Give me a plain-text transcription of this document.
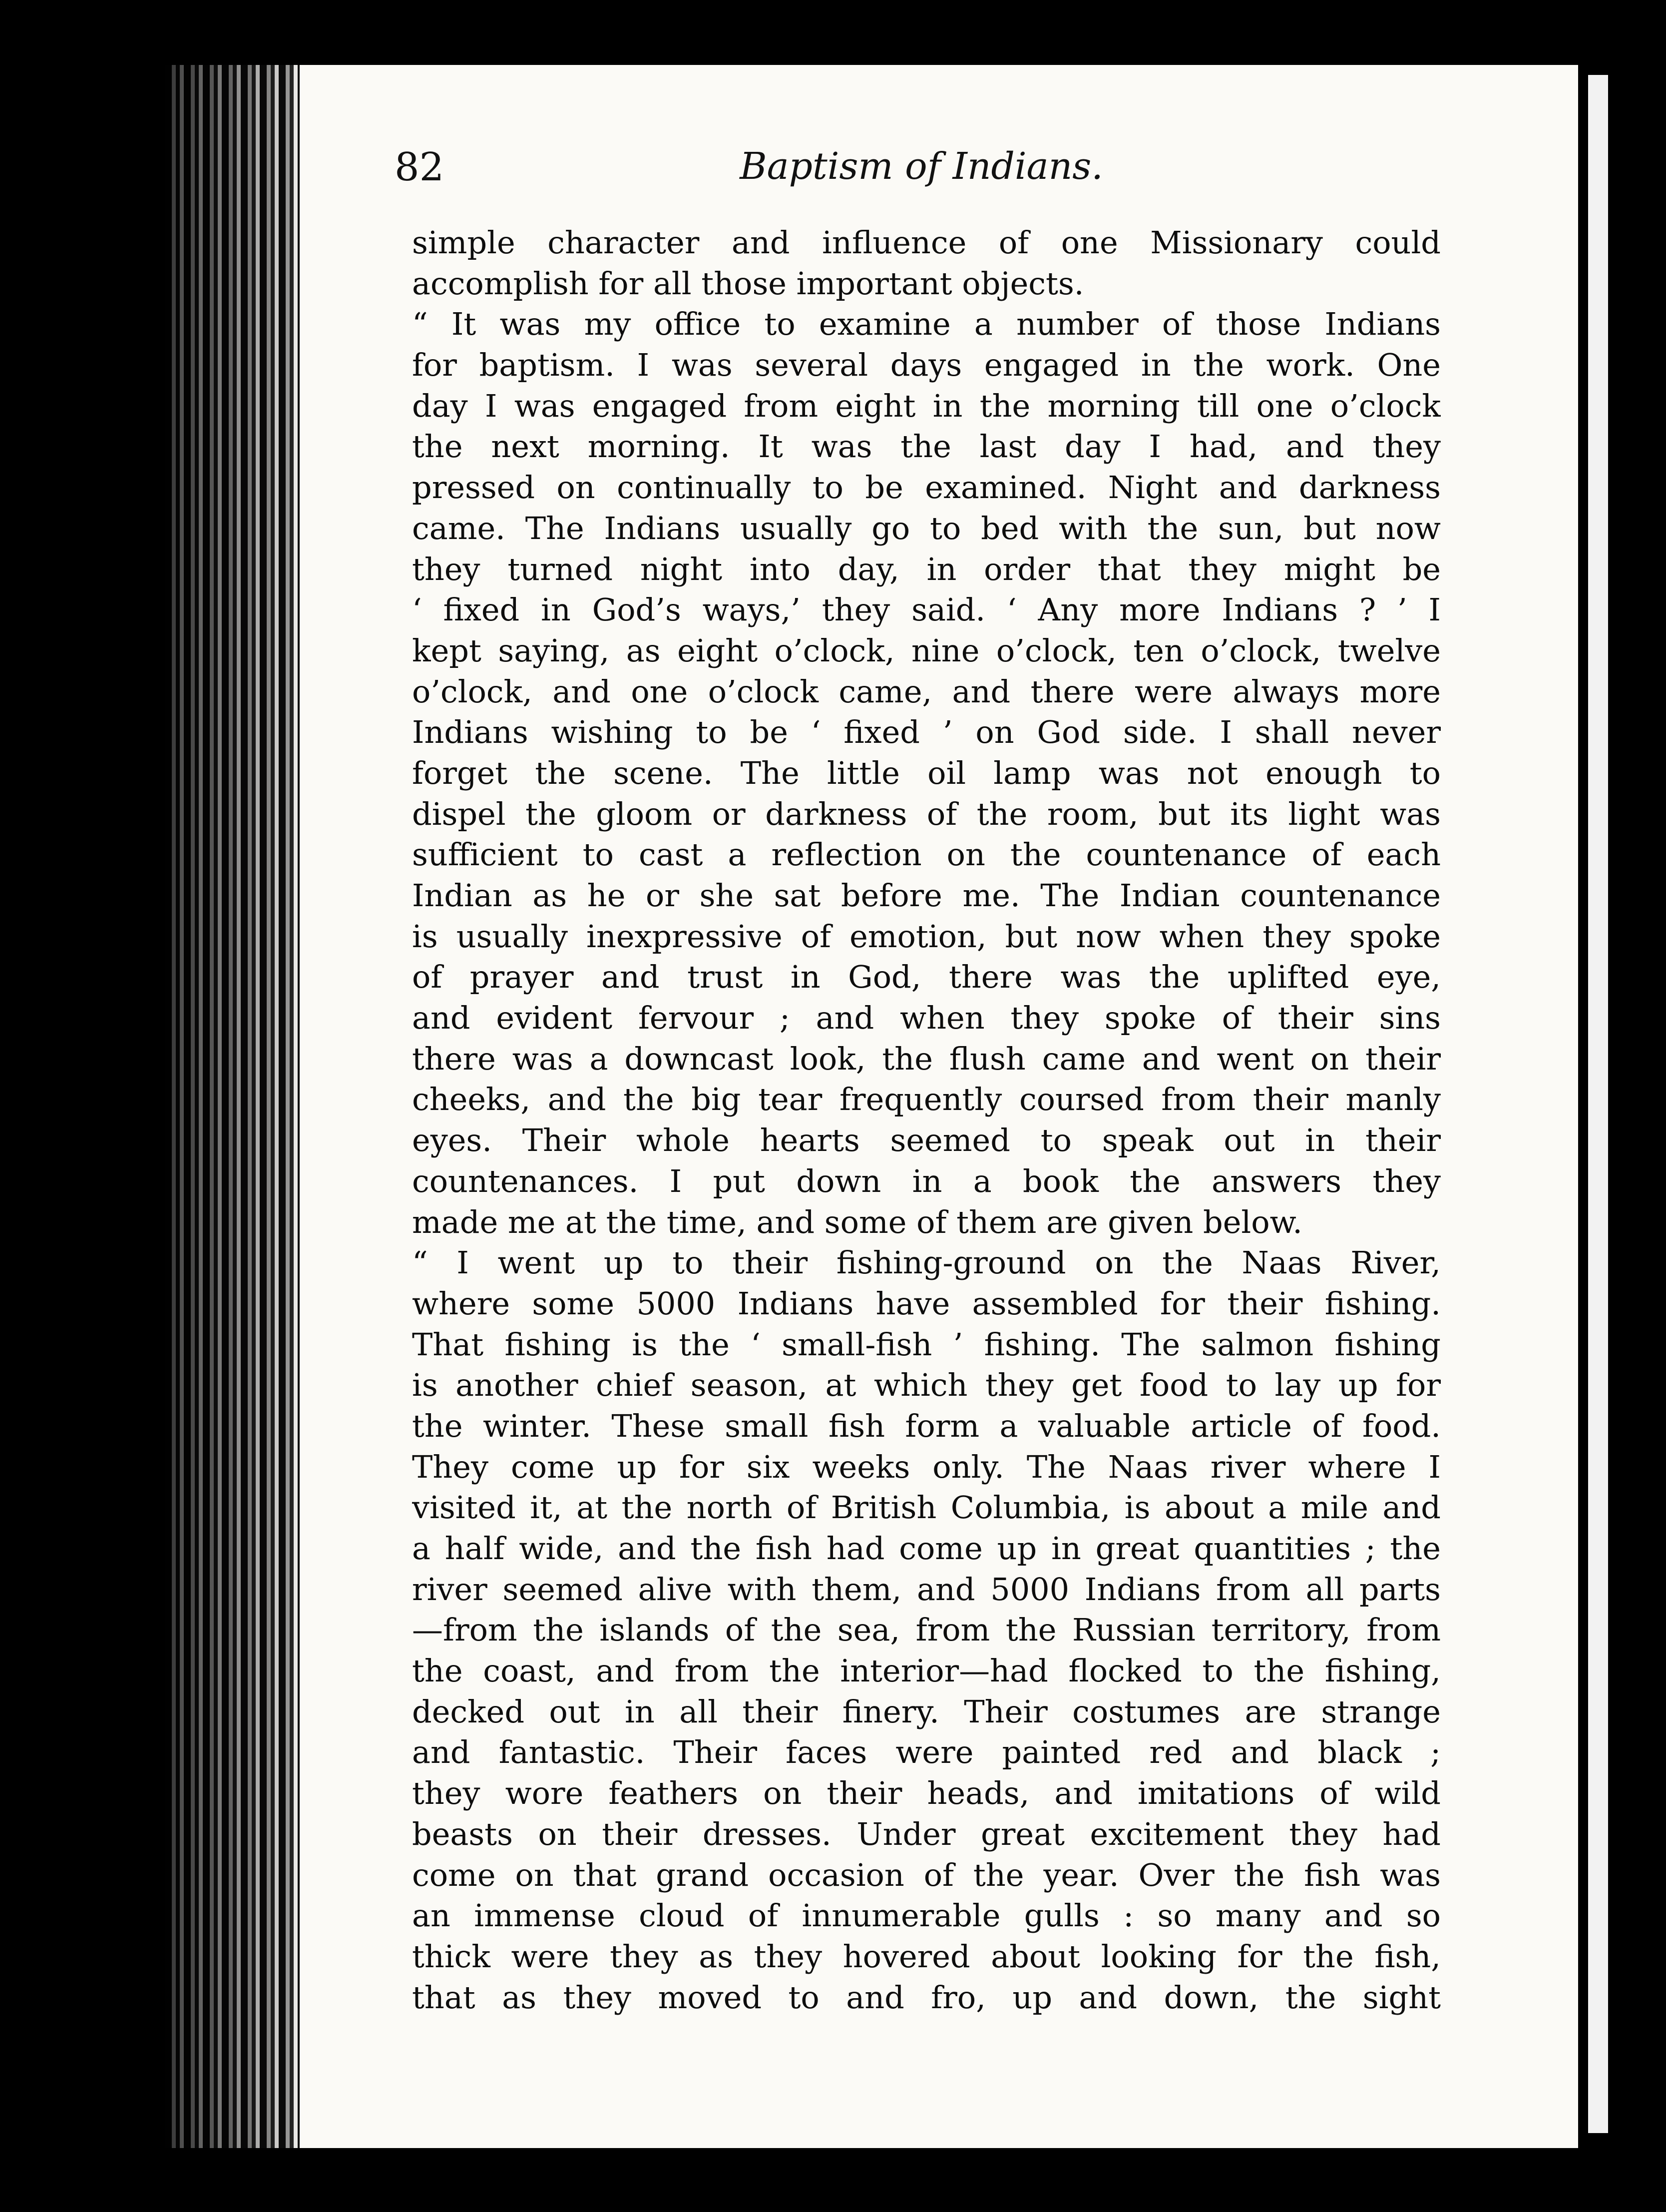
82	Baptism of Indians.
simple character and influence of one Missionary could
accomplish for all those important objects.
“ It was my office to examine a number of those Indians
for baptism. I was several days engaged in the work. One
day I was engaged from eight in the morning till one o’clock
the next morning. It was the last day I had, and they
pressed on continually to be examined. Night and darkness
came. The Indians usually go to bed with the sun, but now
they turned night into day, in order that they might be
‘ fixed in God’s ways,’ they said. ‘ Any more Indians ? ’ I
kept saying, as eight o’clock, nine o’clock, ten o’clock, twelve
o’clock, and one o’clock came, and there were always more
Indians wishing to be ‘ fixed ’ on God side. I shall never
forget the scene. The little oil lamp was not enough to
dispel the gloom or darkness of the room, but its light was
sufficient to cast a reflection on the countenance of each
Indian as he or she sat before me. The Indian countenance
is usually inexpressive of emotion, but now when they spoke
of prayer and trust in God, there was the uplifted eye,
and evident fervour ; and when they spoke of their sins
there was a downcast look, the flush came and went on their
cheeks, and the big tear frequently coursed from their manly
eyes. Their whole hearts seemed to speak out in their
countenances. I put down in a book the answers they
made me at the time, and some of them are given below.
“ I went up to their fishing-ground on the Naas River,
where some 5000 Indians have assembled for their fishing.
That fishing is the ‘ small-fish ’ fishing. The salmon fishing
is another chief season, at which they get food to lay up for
the winter. These small fish form a valuable article of food.
They come up for six weeks only. The Naas river where I
visited it, at the north of British Columbia, is about a mile and
a half wide, and the fish had come up in great quantities ; the
river seemed alive with them, and 5000 Indians from all parts
—from the islands of the sea, from the Russian territory, from
the coast, and from the interior—had flocked to the fishing,
decked out in all their finery. Their costumes are strange
and fantastic. Their faces were painted red and black ;
they wore feathers on their heads, and imitations of wild
beasts on their dresses. Under great excitement they had
come on that grand occasion of the year. Over the fish was
an immense cloud of innumerable gulls : so many and so
thick were they as they hovered about looking for the fish,
that as they moved to and fro, up and down, the sight
